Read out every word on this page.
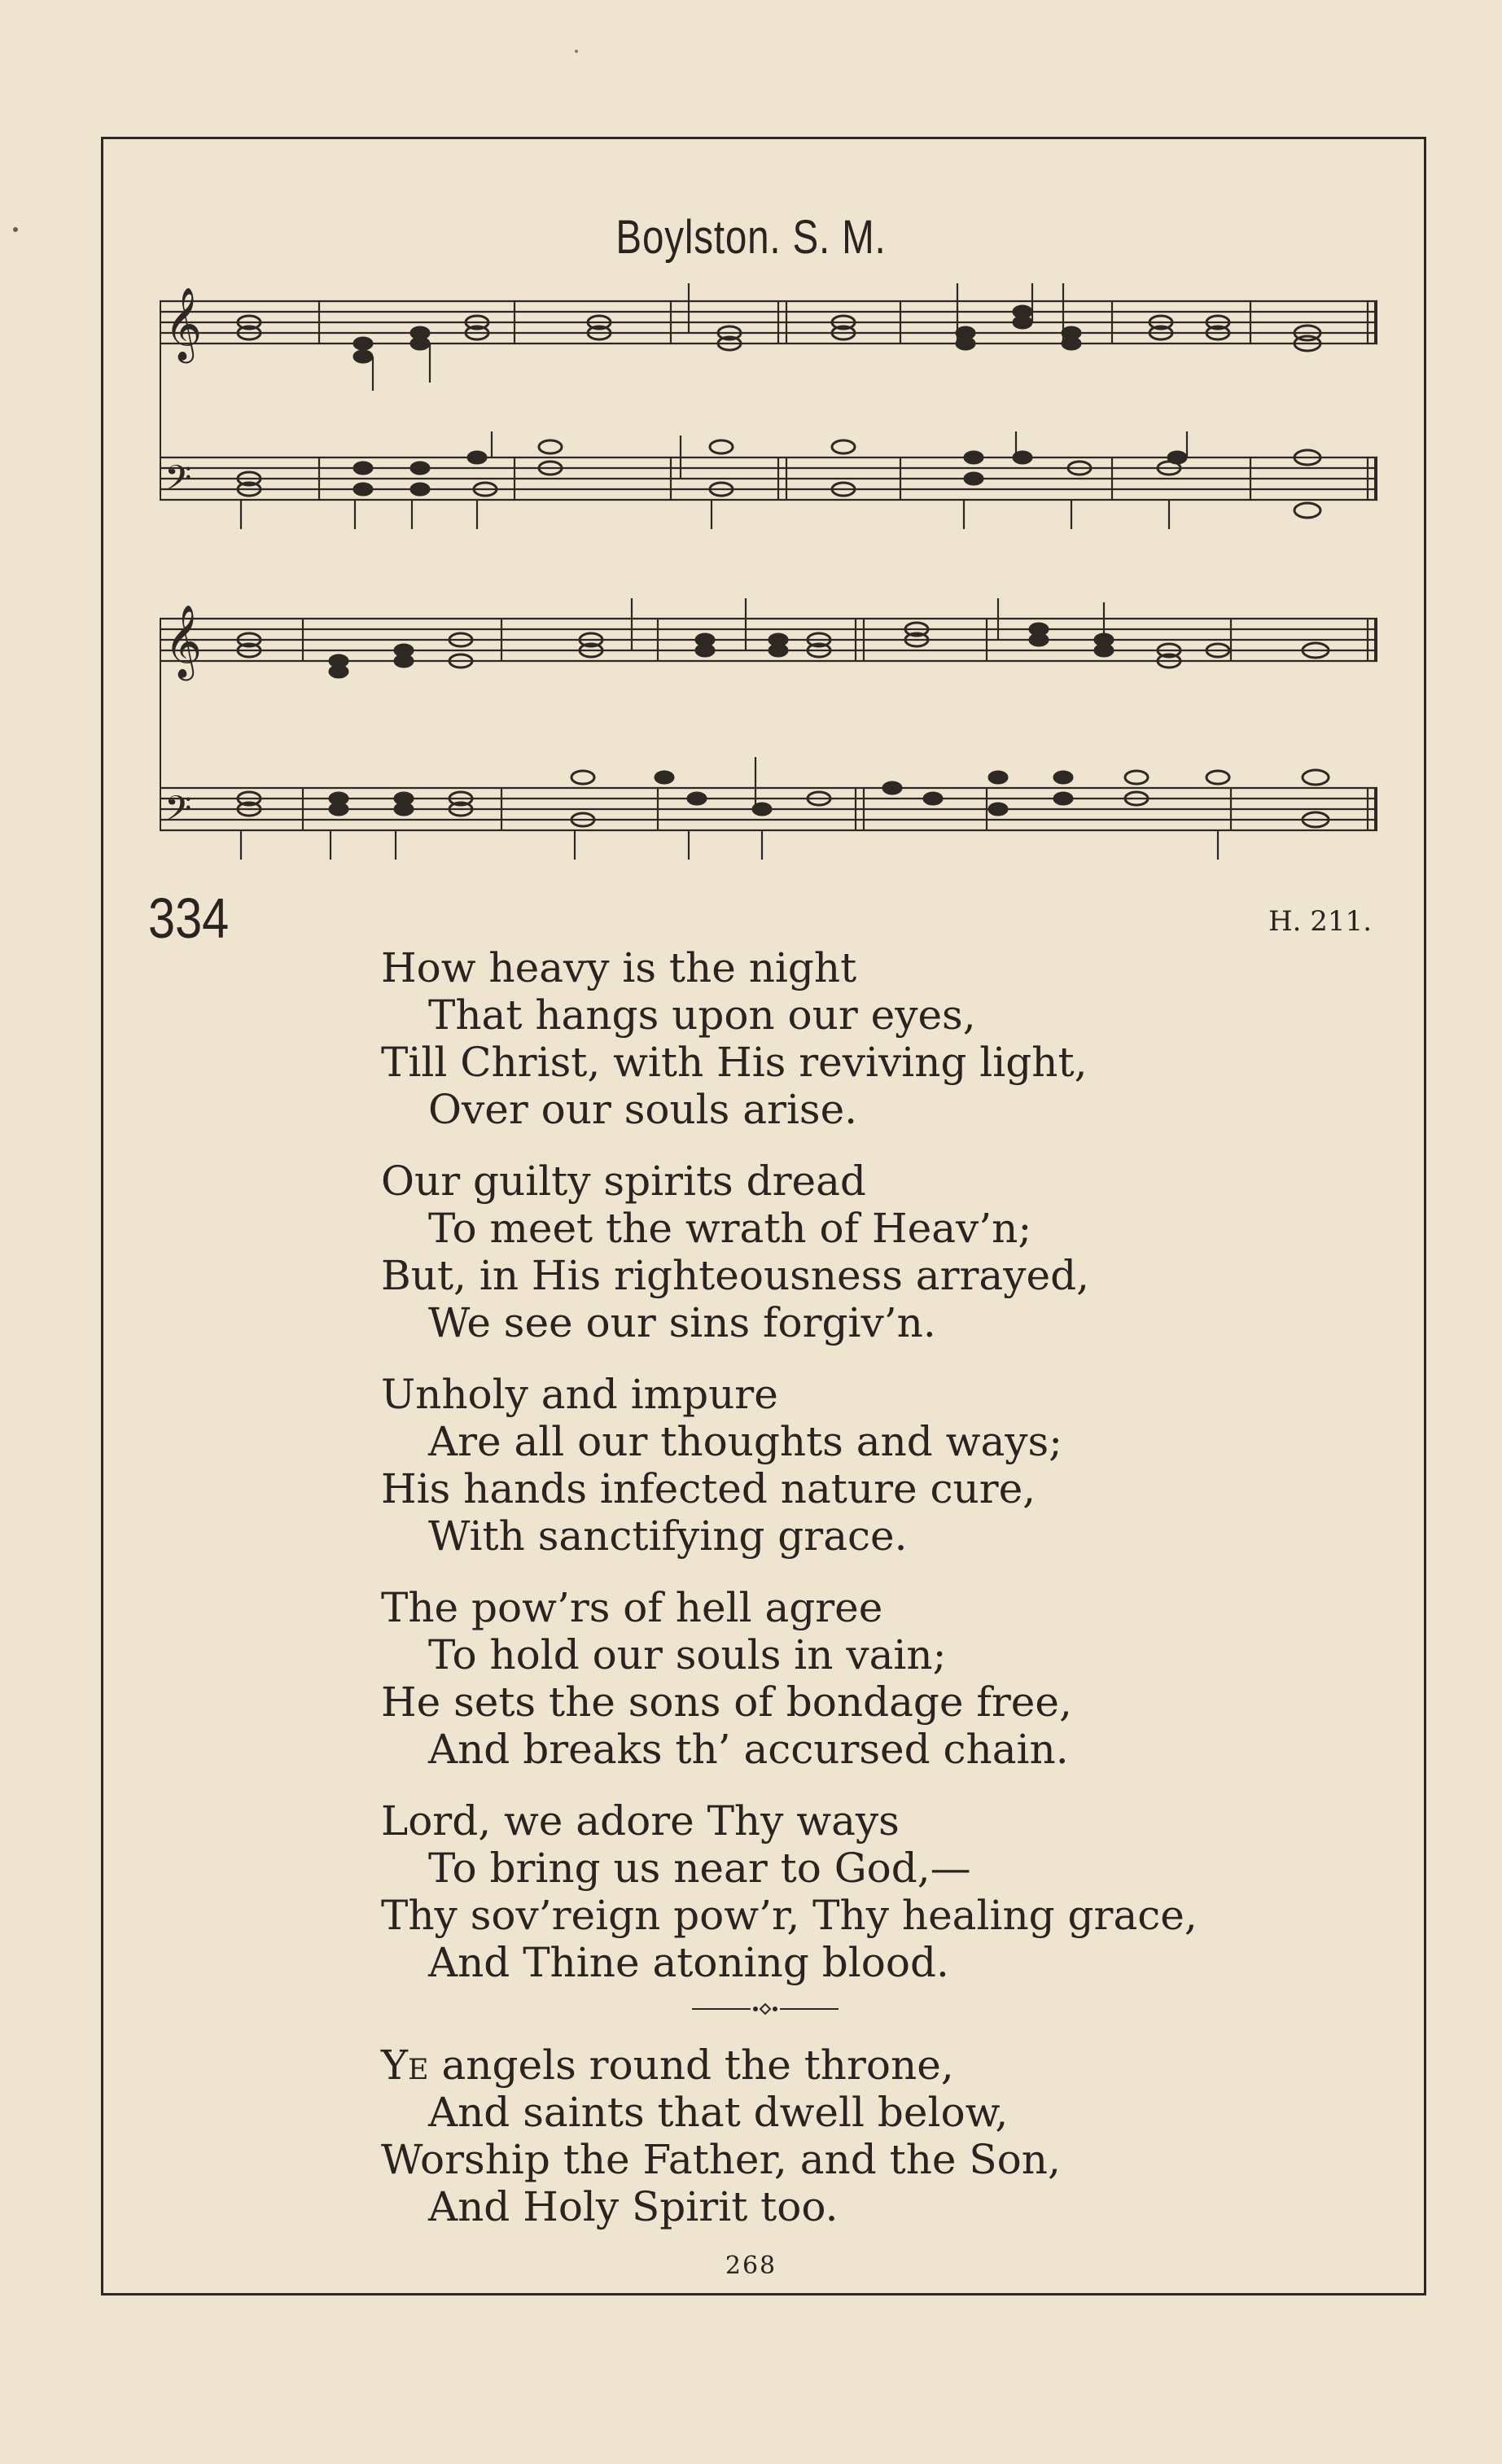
Boylston. S. M.
𝄞
𝄢
𝄞
𝄢
334	H. 211.
How heavy is the night
That hangs upon our eyes,
Till Christ, with His reviving light,
Over our souls arise.
Our guilty spirits dread
To meet the wrath of Heav’n;
But, in His righteousness arrayed,
We see our sins forgiv’n.
Unholy and impure
Are all our thoughts and ways;
His hands infected nature cure,
With sanctifying grace.
The pow’rs of hell agree
To hold our souls in vain;
He sets the sons of bondage free,
And breaks th’ accursed chain.
Lord, we adore Thy ways
To bring us near to God,—
Thy sov’reign pow’r, Thy healing grace,
And Thine atoning blood.
Ye angels round the throne,
And saints that dwell below,
Worship the Father, and the Son,
And Holy Spirit too.
268
